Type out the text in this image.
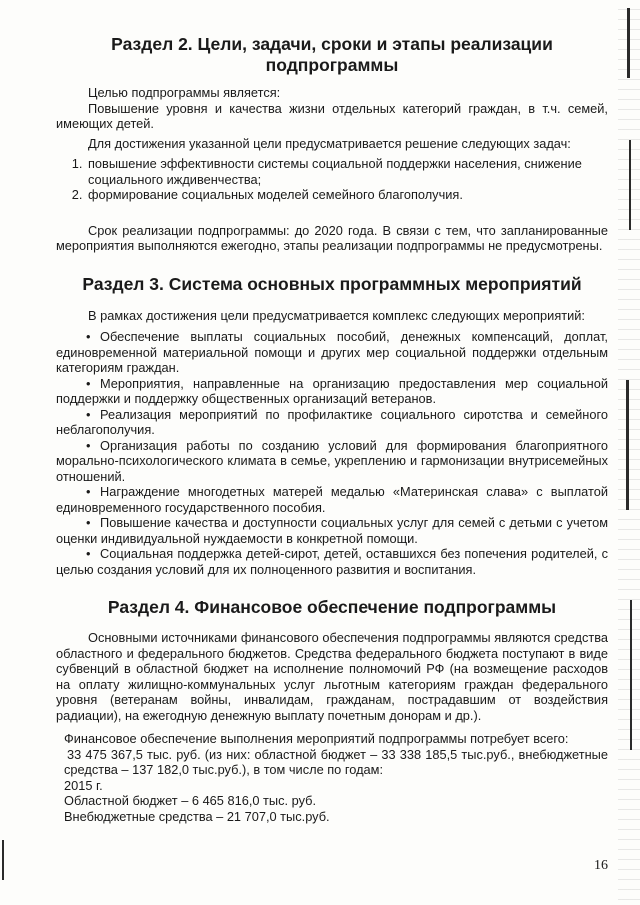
Раздел 2. Цели, задачи, сроки и этапы реализации подпрограммы

Целью подпрограммы является:

Повышение уровня и качества жизни отдельных категорий граждан, в т.ч. семей, имеющих детей.

Для достижения указанной цели предусматривается решение следующих задач:

1. повышение эффективности системы социальной поддержки населения, снижение социального иждивенчества;
2. формирование социальных моделей семейного благополучия.

Срок реализации подпрограммы: до 2020 года. В связи с тем, что запланированные мероприятия выполняются ежегодно, этапы реализации подпрограммы не предусмотрены.

Раздел 3. Система основных программных мероприятий

В рамках достижения цели предусматривается комплекс следующих мероприятий:

• Обеспечение выплаты социальных пособий, денежных компенсаций, доплат, единовременной материальной помощи и других мер социальной поддержки отдельным категориям граждан.
• Мероприятия, направленные на организацию предоставления мер социальной поддержки и поддержку общественных организаций ветеранов.
• Реализация мероприятий по профилактике социального сиротства и семейного неблагополучия.
• Организация работы по созданию условий для формирования благоприятного морально-психологического климата в семье, укреплению и гармонизации внутрисемейных отношений.
• Награждение многодетных матерей медалью «Материнская слава» с выплатой единовременного государственного пособия.
• Повышение качества и доступности социальных услуг для семей с детьми с учетом оценки индивидуальной нуждаемости в конкретной помощи.
• Социальная поддержка детей-сирот, детей, оставшихся без попечения родителей, с целью создания условий для их полноценного развития и воспитания.
Раздел 4. Финансовое обеспечение подпрограммы

Основными источниками финансового обеспечения подпрограммы являются средства областного и федерального бюджетов. Средства федерального бюджета поступают в виде субвенций в областной бюджет на исполнение полномочий РФ (на возмещение расходов на оплату жилищно-коммунальных услуг льготным категориям граждан федерального уровня (ветеранам войны, инвалидам, гражданам, пострадавшим от воздействия радиации), на ежегодную денежную выплату почетным донорам и др.).

Финансовое обеспечение выполнения мероприятий подпрограммы потребует всего:

33 475 367,5 тыс. руб. (из них: областной бюджет – 33 338 185,5 тыс.руб., внебюджетные средства – 137 182,0 тыс.руб.), в том числе по годам:

2015 г.

Областной бюджет – 6 465 816,0 тыс. руб.

Внебюджетные средства – 21 707,0 тыс.руб.

16
